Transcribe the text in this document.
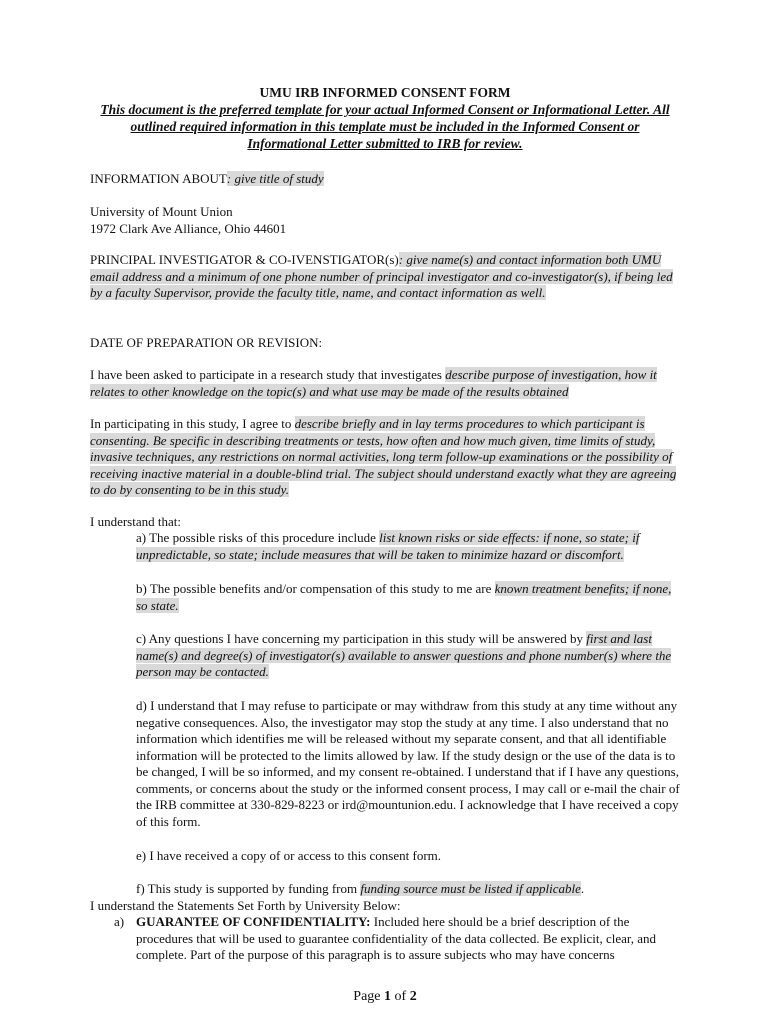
UMU IRB INFORMED CONSENT FORM
This document is the preferred template for your actual Informed Consent or Informational Letter. All outlined required information in this template must be included in the Informed Consent or Informational Letter submitted to IRB for review.
INFORMATION ABOUT: give title of study
University of Mount Union
1972 Clark Ave Alliance, Ohio 44601
PRINCIPAL INVESTIGATOR & CO-IVENSTIGATOR(s): give name(s) and contact information both UMU email address and a minimum of one phone number of principal investigator and co-investigator(s), if being led by a faculty Supervisor, provide the faculty title, name, and contact information as well.
DATE OF PREPARATION OR REVISION:
I have been asked to participate in a research study that investigates describe purpose of investigation, how it relates to other knowledge on the topic(s) and what use may be made of the results obtained
In participating in this study, I agree to describe briefly and in lay terms procedures to which participant is consenting. Be specific in describing treatments or tests, how often and how much given, time limits of study, invasive techniques, any restrictions on normal activities, long term follow-up examinations or the possibility of receiving inactive material in a double-blind trial. The subject should understand exactly what they are agreeing to do by consenting to be in this study.
I understand that:
a) The possible risks of this procedure include list known risks or side effects: if none, so state; if unpredictable, so state; include measures that will be taken to minimize hazard or discomfort.
b) The possible benefits and/or compensation of this study to me are known treatment benefits; if none, so state.
c) Any questions I have concerning my participation in this study will be answered by first and last name(s) and degree(s) of investigator(s) available to answer questions and phone number(s) where the person may be contacted.
d) I understand that I may refuse to participate or may withdraw from this study at any time without any negative consequences. Also, the investigator may stop the study at any time. I also understand that no information which identifies me will be released without my separate consent, and that all identifiable information will be protected to the limits allowed by law. If the study design or the use of the data is to be changed, I will be so informed, and my consent re-obtained. I understand that if I have any questions, comments, or concerns about the study or the informed consent process, I may call or e-mail the chair of the IRB committee at 330-829-8223 or ird@mountunion.edu. I acknowledge that I have received a copy of this form.
e) I have received a copy of or access to this consent form.
f) This study is supported by funding from funding source must be listed if applicable.
I understand the Statements Set Forth by University Below:
a) GUARANTEE OF CONFIDENTIALITY: Included here should be a brief description of the procedures that will be used to guarantee confidentiality of the data collected. Be explicit, clear, and complete. Part of the purpose of this paragraph is to assure subjects who may have concerns
Page 1 of 2
